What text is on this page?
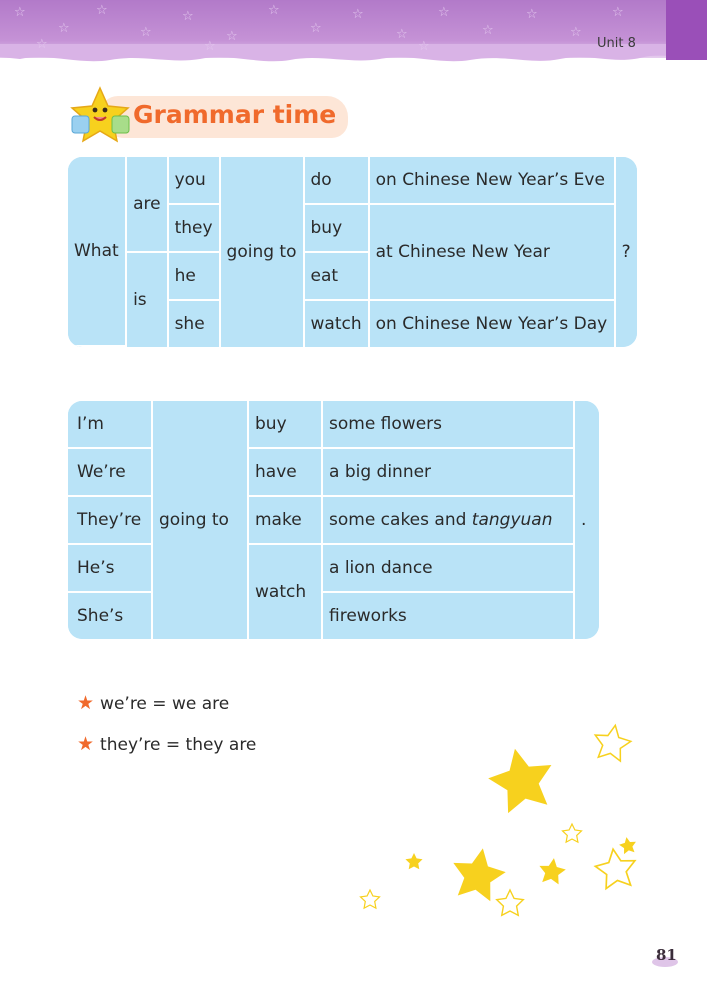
☆
☆
☆
☆
☆
☆
☆
☆
☆
☆
☆
☆
☆
☆
☆
☆	☆	☆	Unit 8
Grammar time
What	are	you	going to	do	on Chinese New Year’s Eve	?
		they		buy	at Chinese New Year	
	is	he		eat		
		she		watch	on Chinese New Year’s Day	
I’m	going to	buy	some flowers	.
We’re		have	a big dinner	
They’re		make	some cakes and tangyuan	
He’s		watch	a lion dance	
She’s			fireworks	
★ we’re = we are
★ they’re = they are
81
